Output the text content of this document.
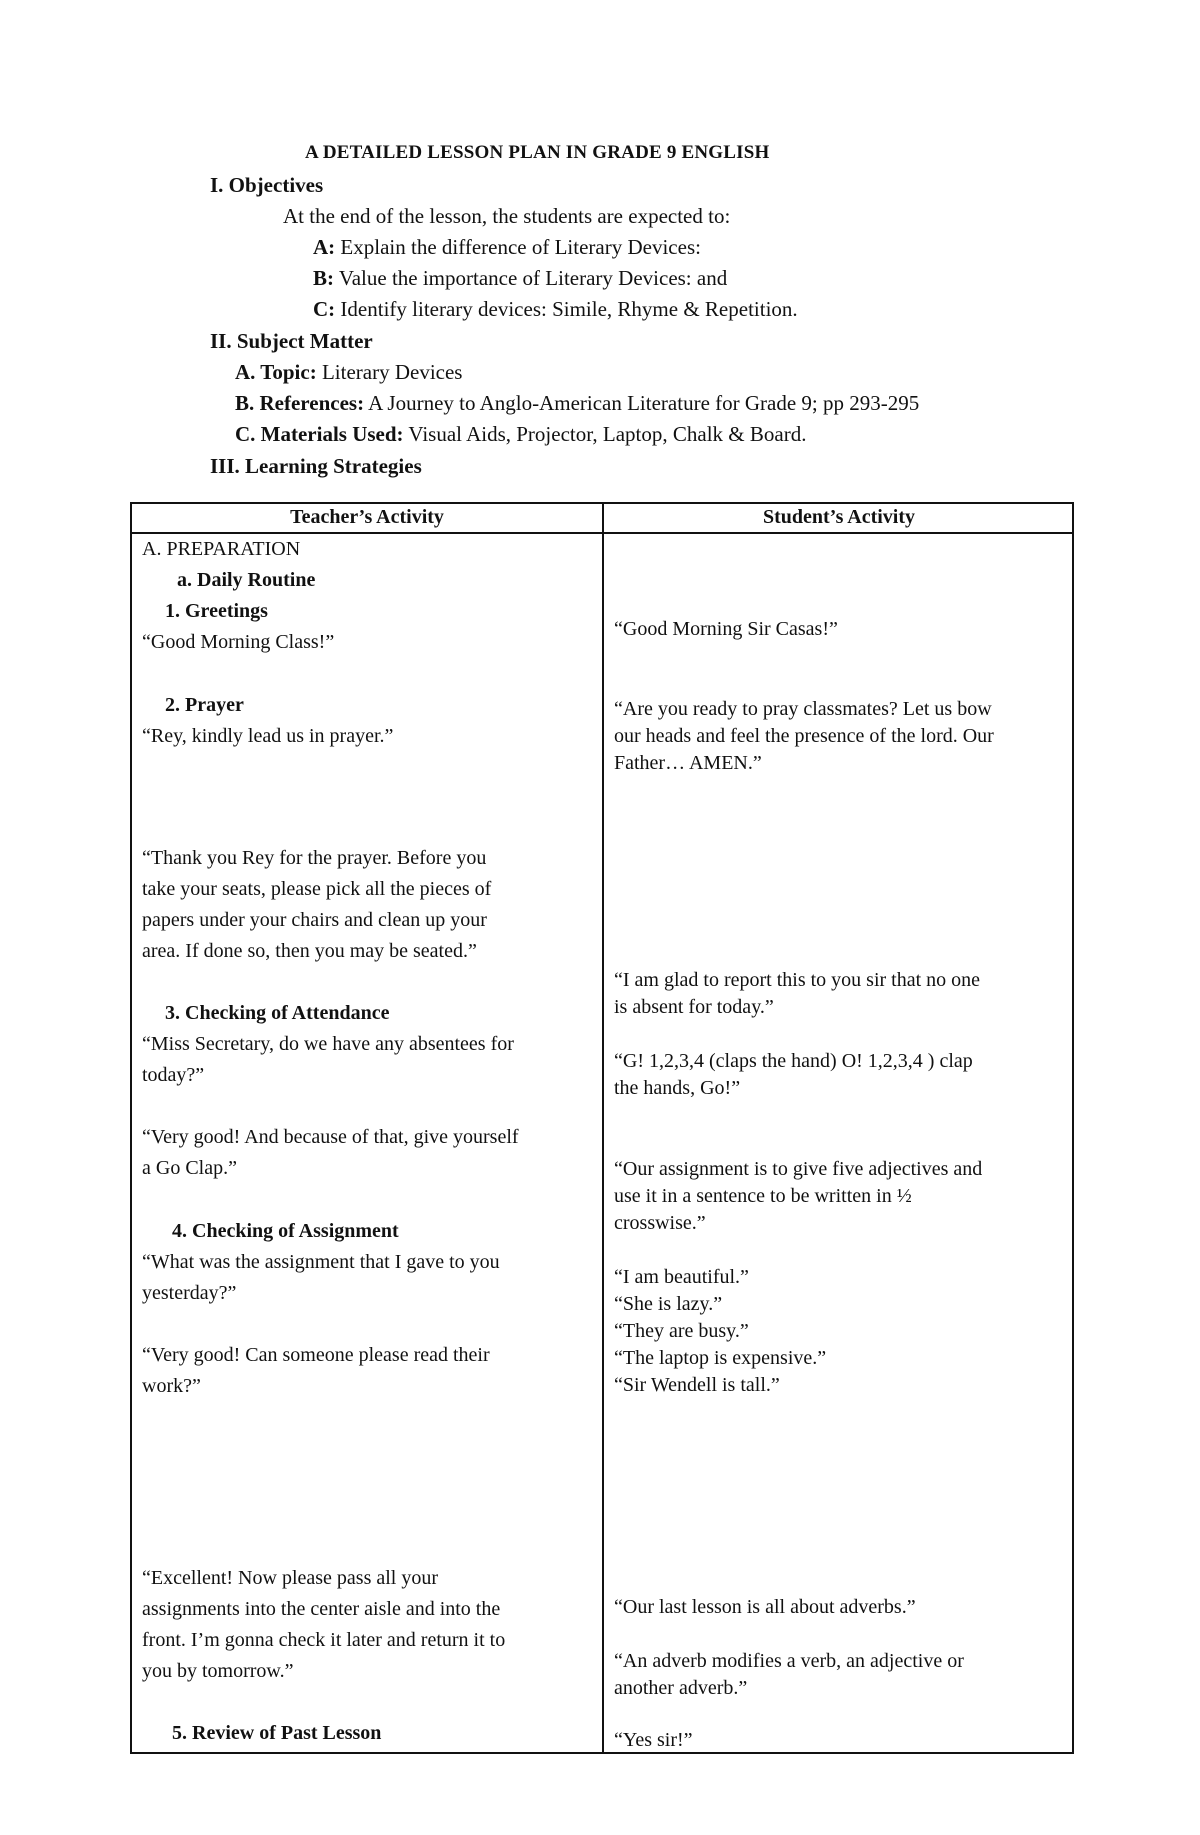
A DETAILED LESSON PLAN IN GRADE 9 ENGLISH
I. Objectives
At the end of the lesson, the students are expected to:
A: Explain the difference of Literary Devices:
B: Value the importance of Literary Devices: and
C: Identify literary devices: Simile, Rhyme & Repetition.
II. Subject Matter
A. Topic: Literary Devices
B. References: A Journey to Anglo-American Literature for Grade 9; pp 293-295
C. Materials Used: Visual Aids, Projector, Laptop, Chalk & Board.
III. Learning Strategies
Teacher’s Activity	Student’s Activity
A. PREPARATION
a. Daily Routine
1. Greetings
“Good Morning Class!”
2. Prayer
“Rey, kindly lead us in prayer.”
“Thank you Rey for the prayer. Before you
take your seats, please pick all the pieces of
papers under your chairs and clean up your
area. If done so, then you may be seated.”
3. Checking of Attendance
“Miss Secretary, do we have any absentees for
today?”
“Very good! And because of that, give yourself
a Go Clap.”
4. Checking of Assignment
“What was the assignment that I gave to you
yesterday?”
“Very good! Can someone please read their
work?”
“Excellent! Now please pass all your
assignments into the center aisle and into the
front. I’m gonna check it later and return it to
you by tomorrow.”
5. Review of Past Lesson
“Good Morning Sir Casas!”
“Are you ready to pray classmates? Let us bow
our heads and feel the presence of the lord. Our
Father… AMEN.”
“I am glad to report this to you sir that no one
is absent for today.”
“G! 1,2,3,4 (claps the hand) O! 1,2,3,4 ) clap
the hands, Go!”
“Our assignment is to give five adjectives and
use it in a sentence to be written in ½
crosswise.”
“I am beautiful.”
“She is lazy.”
“They are busy.”
“The laptop is expensive.”
“Sir Wendell is tall.”
“Our last lesson is all about adverbs.”
“An adverb modifies a verb, an adjective or
another adverb.”
“Yes sir!”
